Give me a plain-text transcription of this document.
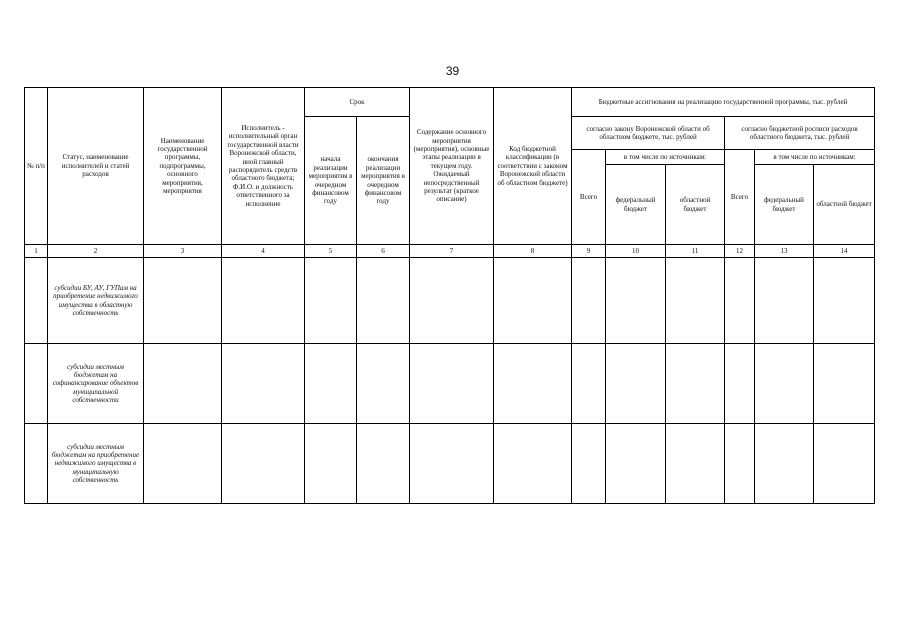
39
№ п/п	Статус, наименование исполнителей и статей расходов	Наименование государственной программы, подпрограммы, основного мероприятия, мероприятия	Исполнитель - исполнительный орган государственной власти Воронежской области, иной главный распорядитель средств областного бюджета; Ф.И.О. и должность ответственного за исполнение	Срок		Содержание основного мероприятия (мероприятия), основные этапы реализации в текущем году. Ожидаемый непосредственный результат (краткое описание)	Код бюджетной классификации (в соответствии с законом Воронежской области об областном бюджете)	Бюджетные ассигнования на реализацию государственной программы, тыс. рублей					
				начала реализации мероприятия в очередном финансовом году	окончания реализации мероприятия в очередном финансовом году			согласно закону Воронежской области об областном бюджете, тыс. рублей			согласно бюджетной росписи расходов областного бюджета, тыс. рублей		
								Всего	в том числе по источникам:		Всего	в том числе по источникам:	
									федеральный бюджет	областной бюджет		федеральный бюджет	областной бюджет
1	2	3	4	5	6	7	8	9	10	11	12	13	14
	субсидии БУ, АУ, ГУПам на приобретение недвижимого имущества в областную собственность												
	субсидии местным бюджетам на софинансирование объектов муниципальной собственности												
	субсидии местным бюджетам на приобретение недвижимого имущества в муниципальную собственность												
